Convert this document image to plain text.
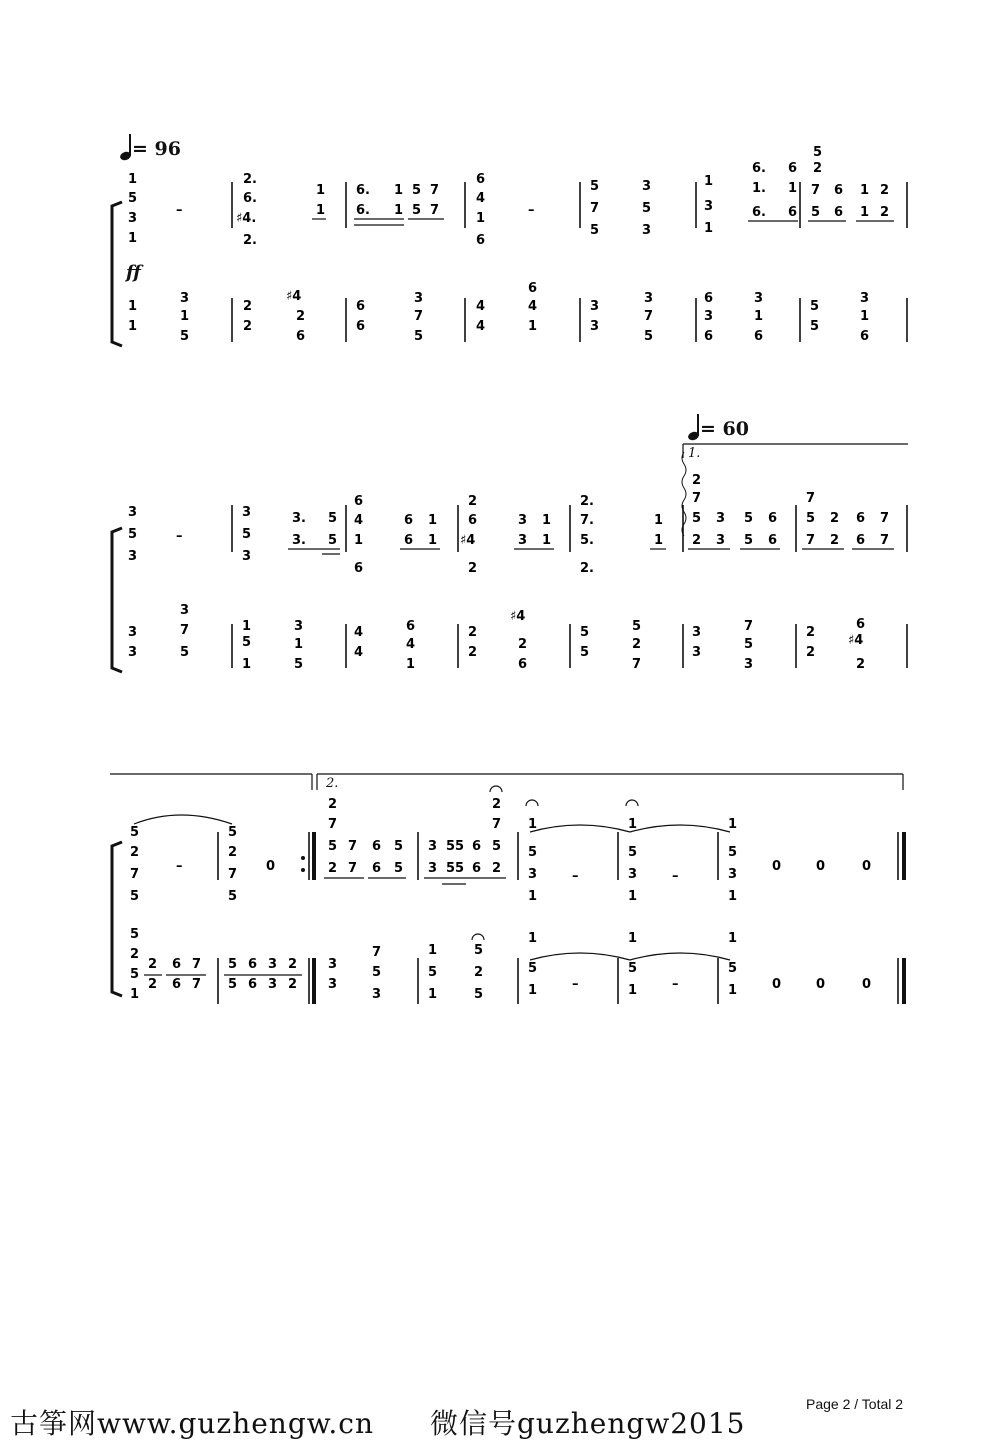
= 96
= 60
ff
1.
2.
5
3
1
1
–
2.
6.
♯4.
2.
1
1
6. 1 5 7
6. 1 5 7
6
4
1
6
–
5
7
5
3
5
3
1
3
1
6. 6
1. 1
6. 6
5
2
7 6 1 2
5 6 1 2
1
1
3
1
5
2
2
♯4
2
6
6
6
3
7
5
4
4
6
4
1
3
3
3
7
5
6
3
6
3
1
6
5
5
3
1
6
3
5
3
–
3
5
3
3. 5
3. 5
6
4
1
6
6 1
6 1
2
6
♯4
2
3 1
3 1
2.
7.
5.
2.
1
1
2
7
5
2
3
3
5 6
5 6
7
5 2 6 7
7 2 6 7
3
3
3
7
5
1
5
1
3
1
5
4
4
6
4
1
2
2
♯4
2
6
5
5
5
2
7
3
3
7
5
3
2
2
6
♯4
2
5
2
7
5
–
5
2
7
5
0
2
7
5 7 6 5
2 7 6 5
3 55 6 5
3 55 6 2
2
7 1
5
3
1
–
1
5
3
1
–
1
5
3
1
0	0	0
5
2
5
1
2 6 7
2 6 7
5 6 3 2
5 6 3 2
3
3
7
5
3
1
5
1
5
2
5
1
5
1	–
1
5
1	–
1
5
1	0	0	0
古筝网www.guzhengw.cn 微信号guzhengw2015
Page 2 / Total 2
